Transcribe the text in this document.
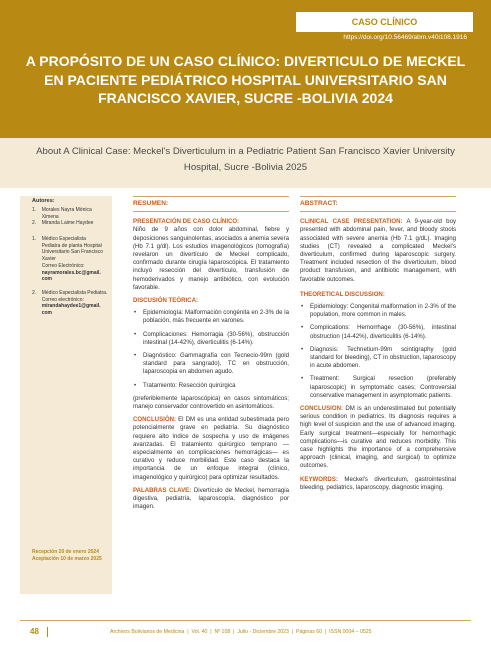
CASO CLÍNICO
https://doi.org/10.56469/abm.v40i108.1916
A PROPÓSITO DE UN CASO CLÍNICO: DIVERTICULO DE MECKEL EN PACIENTE PEDIÁTRICO HOSPITAL UNIVERSITARIO SAN FRANCISCO XAVIER, SUCRE -BOLIVIA 2024
About A Clinical Case: Meckel's Diverticulum in a Pediatric Patient San Francisco Xavier University Hospital, Sucre -Bolivia 2025
Autores:
1.    Morales Nayra Mónica
Ximena
2.    Miranda Laime Haydee
1.    Médico Especialista
Pediatra de planta Hospital
Universitario San Francisco
Xavier
Correo Electrónico:
nayramorales.bc@gmail.
com
2.    Médico Especialista Pediatra.
Correo electrónico:
mirandahaydee1@gmail.
com
Recepción 20 de enero 2024
Aceptación 10 de marzo 2025
RESUMEN:
PRESENTACIÓN DE CASO CLÍNICO:
Niño de 9 años con dolor abdominal, fiebre y deposiciones sanguinolentas, asociados a anemia severa (Hb 7.1 g/dl). Los estudios imagenológicos (tomografía) revelaron un divertículo de Meckel complicado, confirmado durante cirugía laparoscópica. El tratamiento incluyó resección del divertículo, transfusión de hemoderivados y manejo antibiótico, con evolución favorable.
DISCUSIÓN TEÓRICA:
• Epidemiología: Malformación congénita en 2-3% de la población, más frecuente en varones.
• Complicaciones: Hemorragia (30-56%), obstrucción intestinal (14-42%), diverticulitis (6-14%).
• Diagnóstico: Gammagrafía con Tecnecio-99m (gold standard para sangrado), TC en obstrucción, laparoscopia en abdomen agudo.
• Tratamiento: Resección quirúrgica
(preferiblemente laparoscópica) en casos sintomáticos; manejo conservador controvertido en asintomáticos.
CONCLUSIÓN: El DM es una entidad subestimada pero potencialmente grave en pediatría. Su diagnóstico requiere alto índice de sospecha y uso de imágenes avanzadas. El tratamiento quirúrgico temprano —especialmente en complicaciones hemorrágicas— es curativo y reduce morbilidad. Este caso destaca la importancia de un enfoque integral (clínico, imagenológico y quirúrgico) para optimizar resultados.
PALABRAS CLAVE: Divertículo de Meckel, hemorragia digestiva, pediatría, laparoscopía, diagnóstico por imagen.
ABSTRACT:
CLINICAL CASE PRESENTATION: A 9-year-old boy presented with abdominal pain, fever, and bloody stools associated with severe anemia (Hb 7.1 g/dL). Imaging studies (CT) revealed a complicated Meckel's diverticulum, confirmed during laparoscopic surgery. Treatment included resection of the diverticulum, blood product transfusion, and antibiotic management, with favorable outcomes.
THEORETICAL DISCUSSION:
• Epidemiology: Congenital malformation in 2-3% of the population, more common in males.
• Complications: Hemorrhage (30-56%), intestinal obstruction (14-42%), diverticulitis (6-14%).
• Diagnosis: Technetium-99m scintigraphy (gold standard for bleeding), CT in obstruction, laparoscopy in acute abdomen.
• Treatment: Surgical resection (preferably laparoscopic) in symptomatic cases; Controversial conservative management in asymptomatic patients.
CONCLUSION: DM is an underestimated but potentially serious condition in pediatrics. Its diagnosis requires a high level of suspicion and the use of advanced imaging. Early surgical treatment—especially for hemorrhagic complications—is curative and reduces morbidity. This case highlights the importance of a comprehensive approach (clinical, imaging, and surgical) to optimize outcomes.
KEYWORDS: Meckel's diverticulum, gastrointestinal bleeding, pediatrics, laparoscopy, diagnostic imaging.
48	Archivos Bolivianos de Medicina  |  Vol. 40  |  Nº 108  |  Julio - Diciembre 2023  |  Páginas 60  |  ISSN 0004 – 0525
